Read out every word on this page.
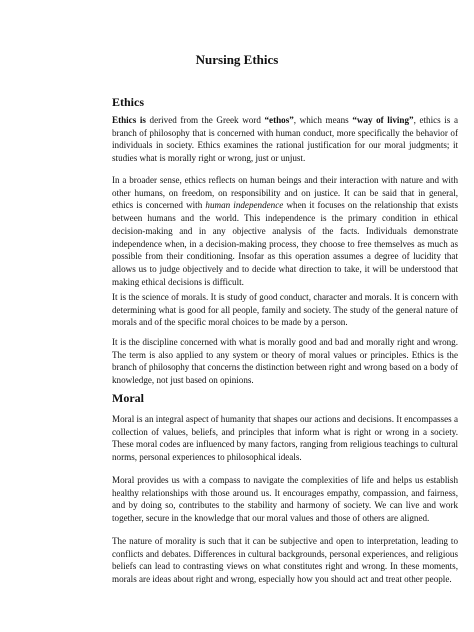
Nursing Ethics
Ethics

Ethics is derived from the Greek word “ethos”, which means “way of living”, ethics is a branch of philosophy that is concerned with human conduct, more specifically the behavior of individuals in society. Ethics examines the rational justification for our moral judgments; it studies what is morally right or wrong, just or unjust.

In a broader sense, ethics reflects on human beings and their interaction with nature and with other humans, on freedom, on responsibility and on justice. It can be said that in general, ethics is concerned with human independence when it focuses on the relationship that exists between humans and the world. This independence is the primary condition in ethical decision-making and in any objective analysis of the facts. Individuals demonstrate independence when, in a decision-making process, they choose to free themselves as much as possible from their conditioning. Insofar as this operation assumes a degree of lucidity that allows us to judge objectively and to decide what direction to take, it will be understood that making ethical decisions is difficult.

It is the science of morals. It is study of good conduct, character and morals. It is concern with determining what is good for all people, family and society. The study of the general nature of morals and of the specific moral choices to be made by a person.

It is the discipline concerned with what is morally good and bad and morally right and wrong. The term is also applied to any system or theory of moral values or principles. Ethics is the branch of philosophy that concerns the distinction between right and wrong based on a body of knowledge, not just based on opinions.

Moral

Moral is an integral aspect of humanity that shapes our actions and decisions. It encompasses a collection of values, beliefs, and principles that inform what is right or wrong in a society. These moral codes are influenced by many factors, ranging from religious teachings to cultural norms, personal experiences to philosophical ideals.

Moral provides us with a compass to navigate the complexities of life and helps us establish healthy relationships with those around us. It encourages empathy, compassion, and fairness, and by doing so, contributes to the stability and harmony of society. We can live and work together, secure in the knowledge that our moral values and those of others are aligned.

The nature of morality is such that it can be subjective and open to interpretation, leading to conflicts and debates. Differences in cultural backgrounds, personal experiences, and religious beliefs can lead to contrasting views on what constitutes right and wrong. In these moments, morals are ideas about right and wrong, especially how you should act and treat other people.
